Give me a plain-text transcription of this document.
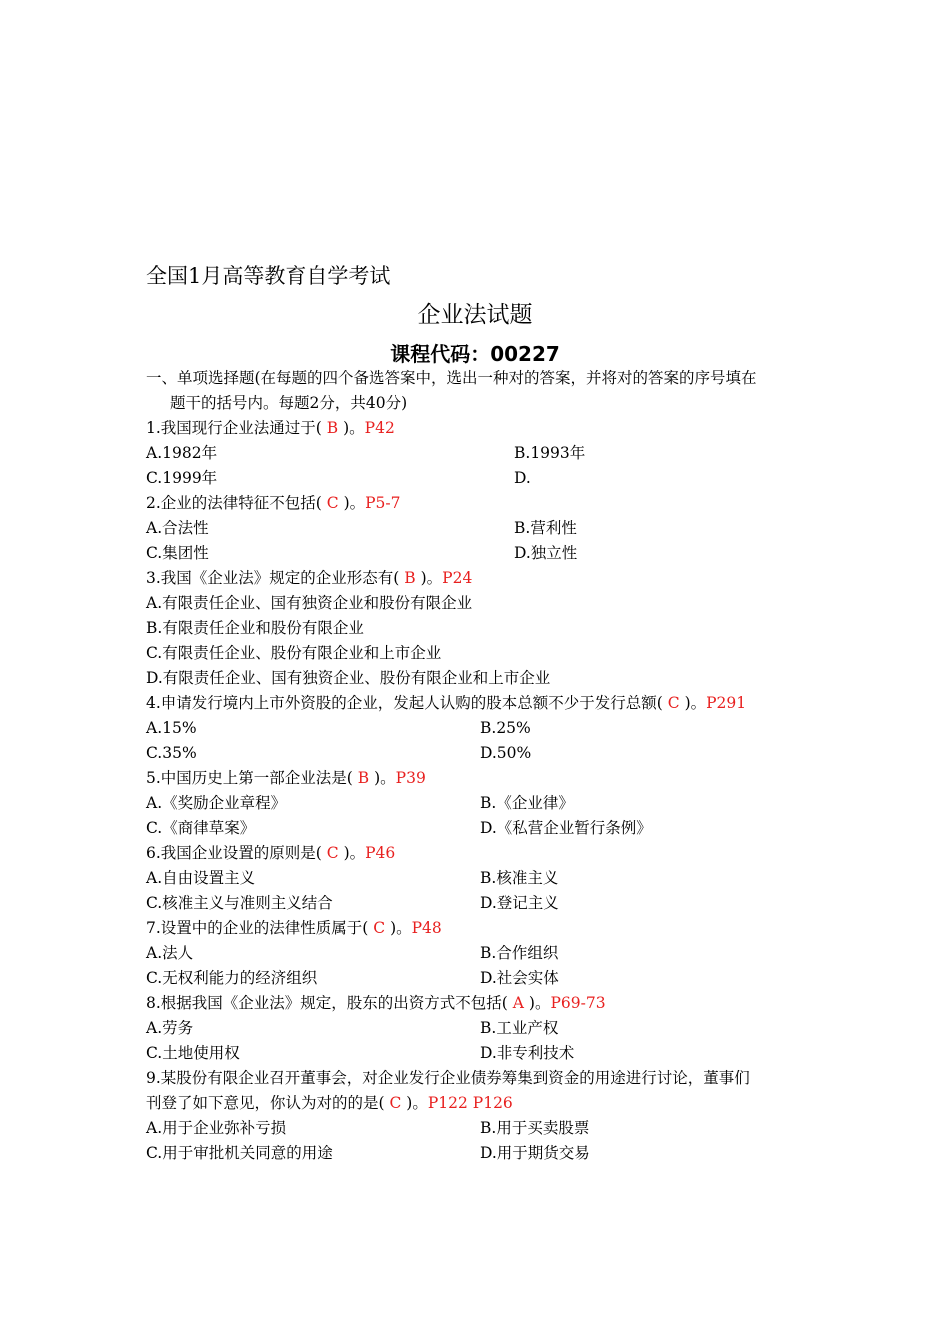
全国1月高等教育自学考试
企业法试题
课程代码：00227
一、单项选择题(在每题的四个备选答案中，选出一种对的答案，并将对的答案的序号填在
题干的括号内。每题2分，共40分)
1.我国现行企业法通过于( B )。P42
A.1982年	B.1993年
C.1999年	D.
2.企业的法律特征不包括( C )。P5-7
A.合法性	B.营利性
C.集团性	D.独立性
3.我国《企业法》规定的企业形态有( B )。P24
A.有限责任企业、国有独资企业和股份有限企业
B.有限责任企业和股份有限企业
C.有限责任企业、股份有限企业和上市企业
D.有限责任企业、国有独资企业、股份有限企业和上市企业
4.申请发行境内上市外资股的企业，发起人认购的股本总额不少于发行总额( C )。P291
A.15%	B.25%
C.35%	D.50%
5.中国历史上第一部企业法是( B )。P39
A.《奖励企业章程》	B.《企业律》
C.《商律草案》	D.《私营企业暂行条例》
6.我国企业设置的原则是( C )。P46
A.自由设置主义	B.核准主义
C.核准主义与准则主义结合	D.登记主义
7.设置中的企业的法律性质属于( C )。P48
A.法人	B.合作组织
C.无权利能力的经济组织	D.社会实体
8.根据我国《企业法》规定，股东的出资方式不包括( A )。P69-73
A.劳务	B.工业产权
C.土地使用权	D.非专利技术
9.某股份有限企业召开董事会，对企业发行企业债券筹集到资金的用途进行讨论，董事们
刊登了如下意见，你认为对的的是( C )。P122 P126
A.用于企业弥补亏损	B.用于买卖股票
C.用于审批机关同意的用途	D.用于期货交易
